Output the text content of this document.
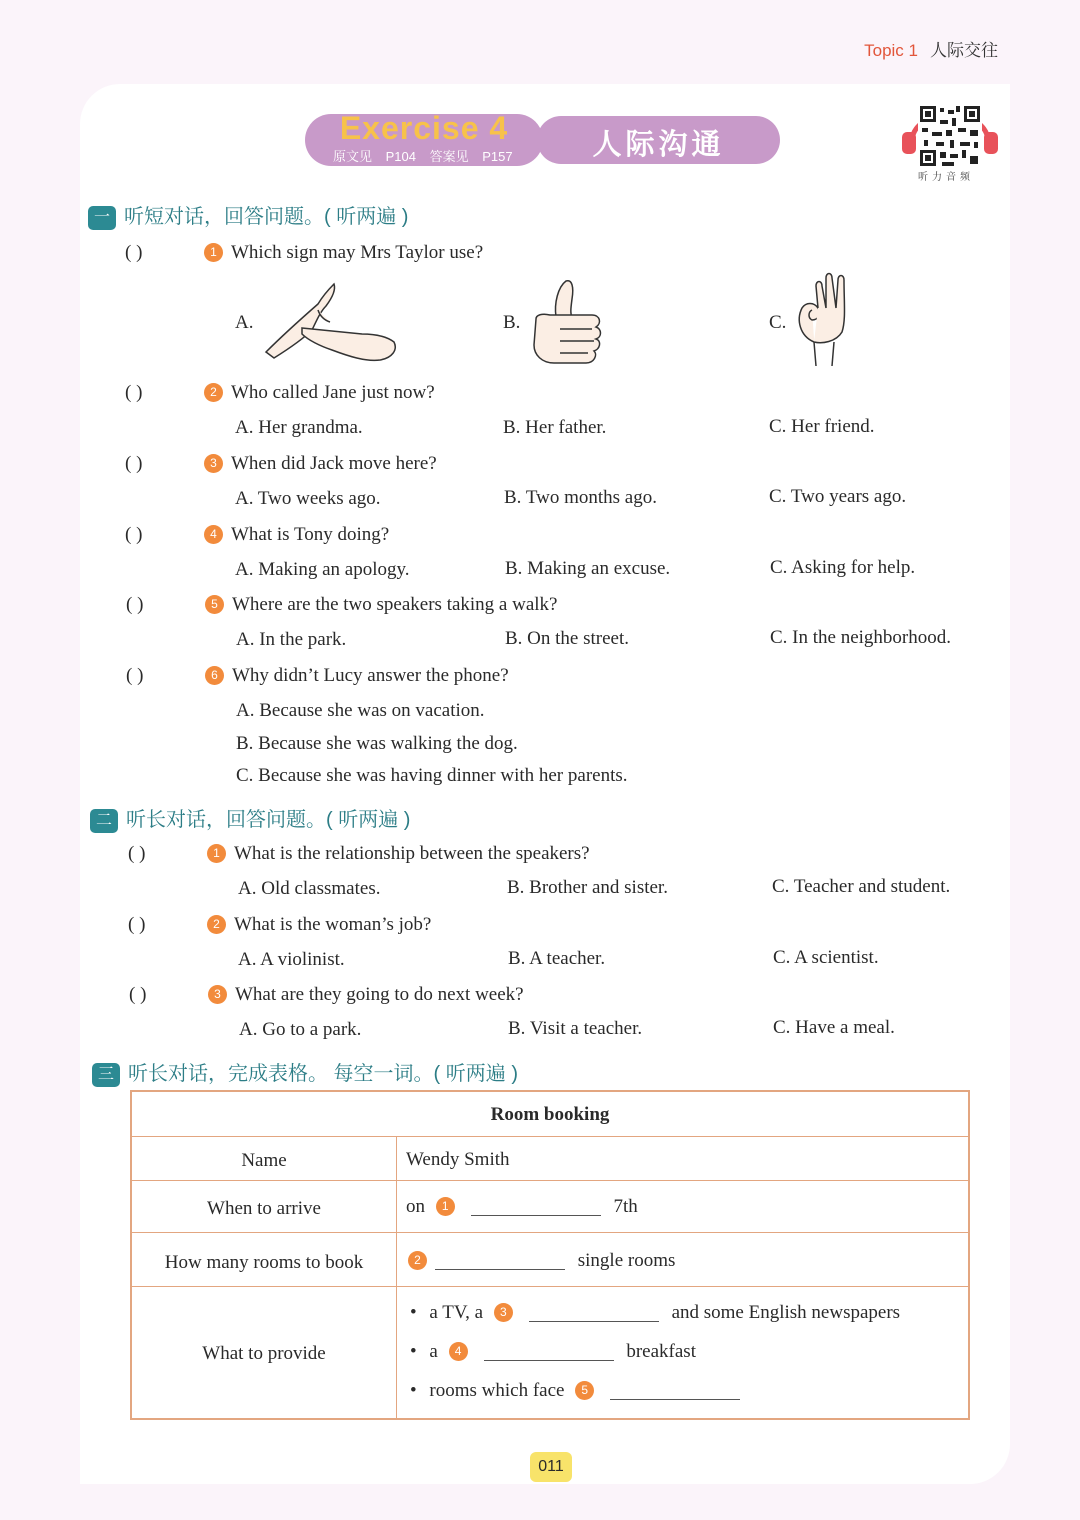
Topic 1 人际交往
Exercise 4
原文见 P104 答案见 P157	人际沟通
听力音频
一 听短对话，回答问题。( 听两遍 )
( )	1 Which sign may Mrs Taylor use?
A.	B.	C.
( )	2 Who called Jane just now?
A. Her grandma.	B. Her father.	C. Her friend.
( )	3 When did Jack move here?
A. Two weeks ago.	B. Two months ago.	C. Two years ago.
( )	4 What is Tony doing?
A. Making an apology.	B. Making an excuse.	C. Asking for help.
( )	5 Where are the two speakers taking a walk?
A. In the park.	B. On the street.	C. In the neighborhood.
( )	6 Why didn’t Lucy answer the phone?
A. Because she was on vacation.
B. Because she was walking the dog.
C. Because she was having dinner with her parents.
二 听长对话，回答问题。( 听两遍 )
( )	1 What is the relationship between the speakers?
A. Old classmates.	B. Brother and sister.	C. Teacher and student.
( )	2 What is the woman’s job?
A. A violinist.	B. A teacher.	C. A scientist.
( )	3 What are they going to do next week?
A. Go to a park.	B. Visit a teacher.	C. Have a meal.
三 听长对话，完成表格。 每空一词。( 听两遍 )
Room booking
Name	Wendy Smith
When to arrive	on 1	7th
How many rooms to book	2	single rooms
What to provide
• a TV, a 3	and some English newspapers
• a 4	breakfast
• rooms which face 5
011
